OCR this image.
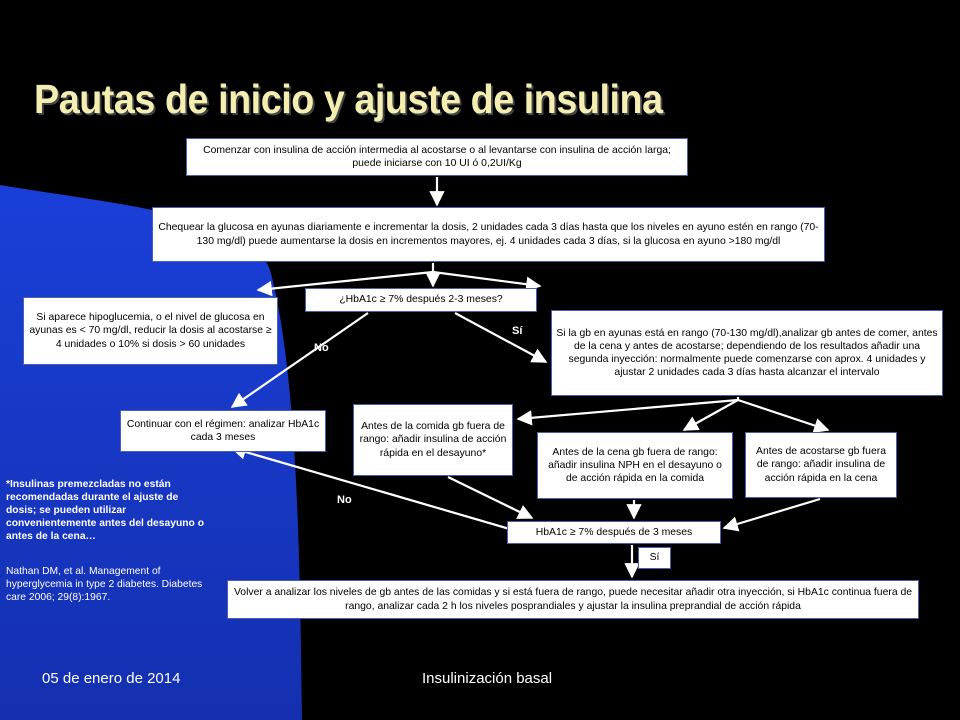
Pautas de inicio y ajuste de insulina
Comenzar con insulina de acción intermedia al acostarse o al levantarse con insulina de acción larga; puede iniciarse con 10 UI ó 0,2UI/Kg
Chequear la glucosa en ayunas diariamente e incrementar la dosis, 2 unidades cada 3 días hasta que los niveles en ayuno estén en rango (70-130 mg/dl) puede aumentarse la dosis en incrementos mayores, ej. 4 unidades cada 3 días, si la glucosa en ayuno >180 mg/dl
Si aparece hipoglucemia, o el nivel de glucosa en ayunas es < 70 mg/dl, reducir la dosis al acostarse ≥ 4 unidades o 10% si dosis > 60 unidades
¿HbA1c ≥ 7% después 2-3 meses?
Si la gb en ayunas está en rango (70-130 mg/dl),analizar gb antes de comer, antes de la cena y antes de acostarse; dependiendo de los resultados añadir una segunda inyección: normalmente puede comenzarse con aprox. 4 unidades y ajustar 2 unidades cada 3 días hasta alcanzar el intervalo
Continuar con el régimen: analizar HbA1c cada 3 meses
Antes de la comida gb fuera de rango: añadir insulina de acción rápida en el desayuno*	Antes de la cena gb fuera de rango: añadir insulina NPH en el desayuno o de acción rápida en la comida
Antes de acostarse gb fuera de rango: añadir insulina de acción rápida en la cena
HbA1c ≥ 7% después de 3 meses
Sí
Volver a analizar los niveles de gb antes de las comidas y si está fuera de rango, puede necesitar añadir otra inyección, si HbA1c continua fuera de rango, analizar cada 2 h los niveles posprandiales y ajustar la insulina preprandial de acción rápida
No
Sí
No
*Insulinas premezcladas no están recomendadas durante el ajuste de dosis; se pueden utilizar convenientemente antes del desayuno o antes de la cena…
Nathan DM, et al. Management of hyperglycemia in type 2 diabetes. Diabetes care 2006; 29(8):1967.
05 de enero de 2014	Insulinización basal
